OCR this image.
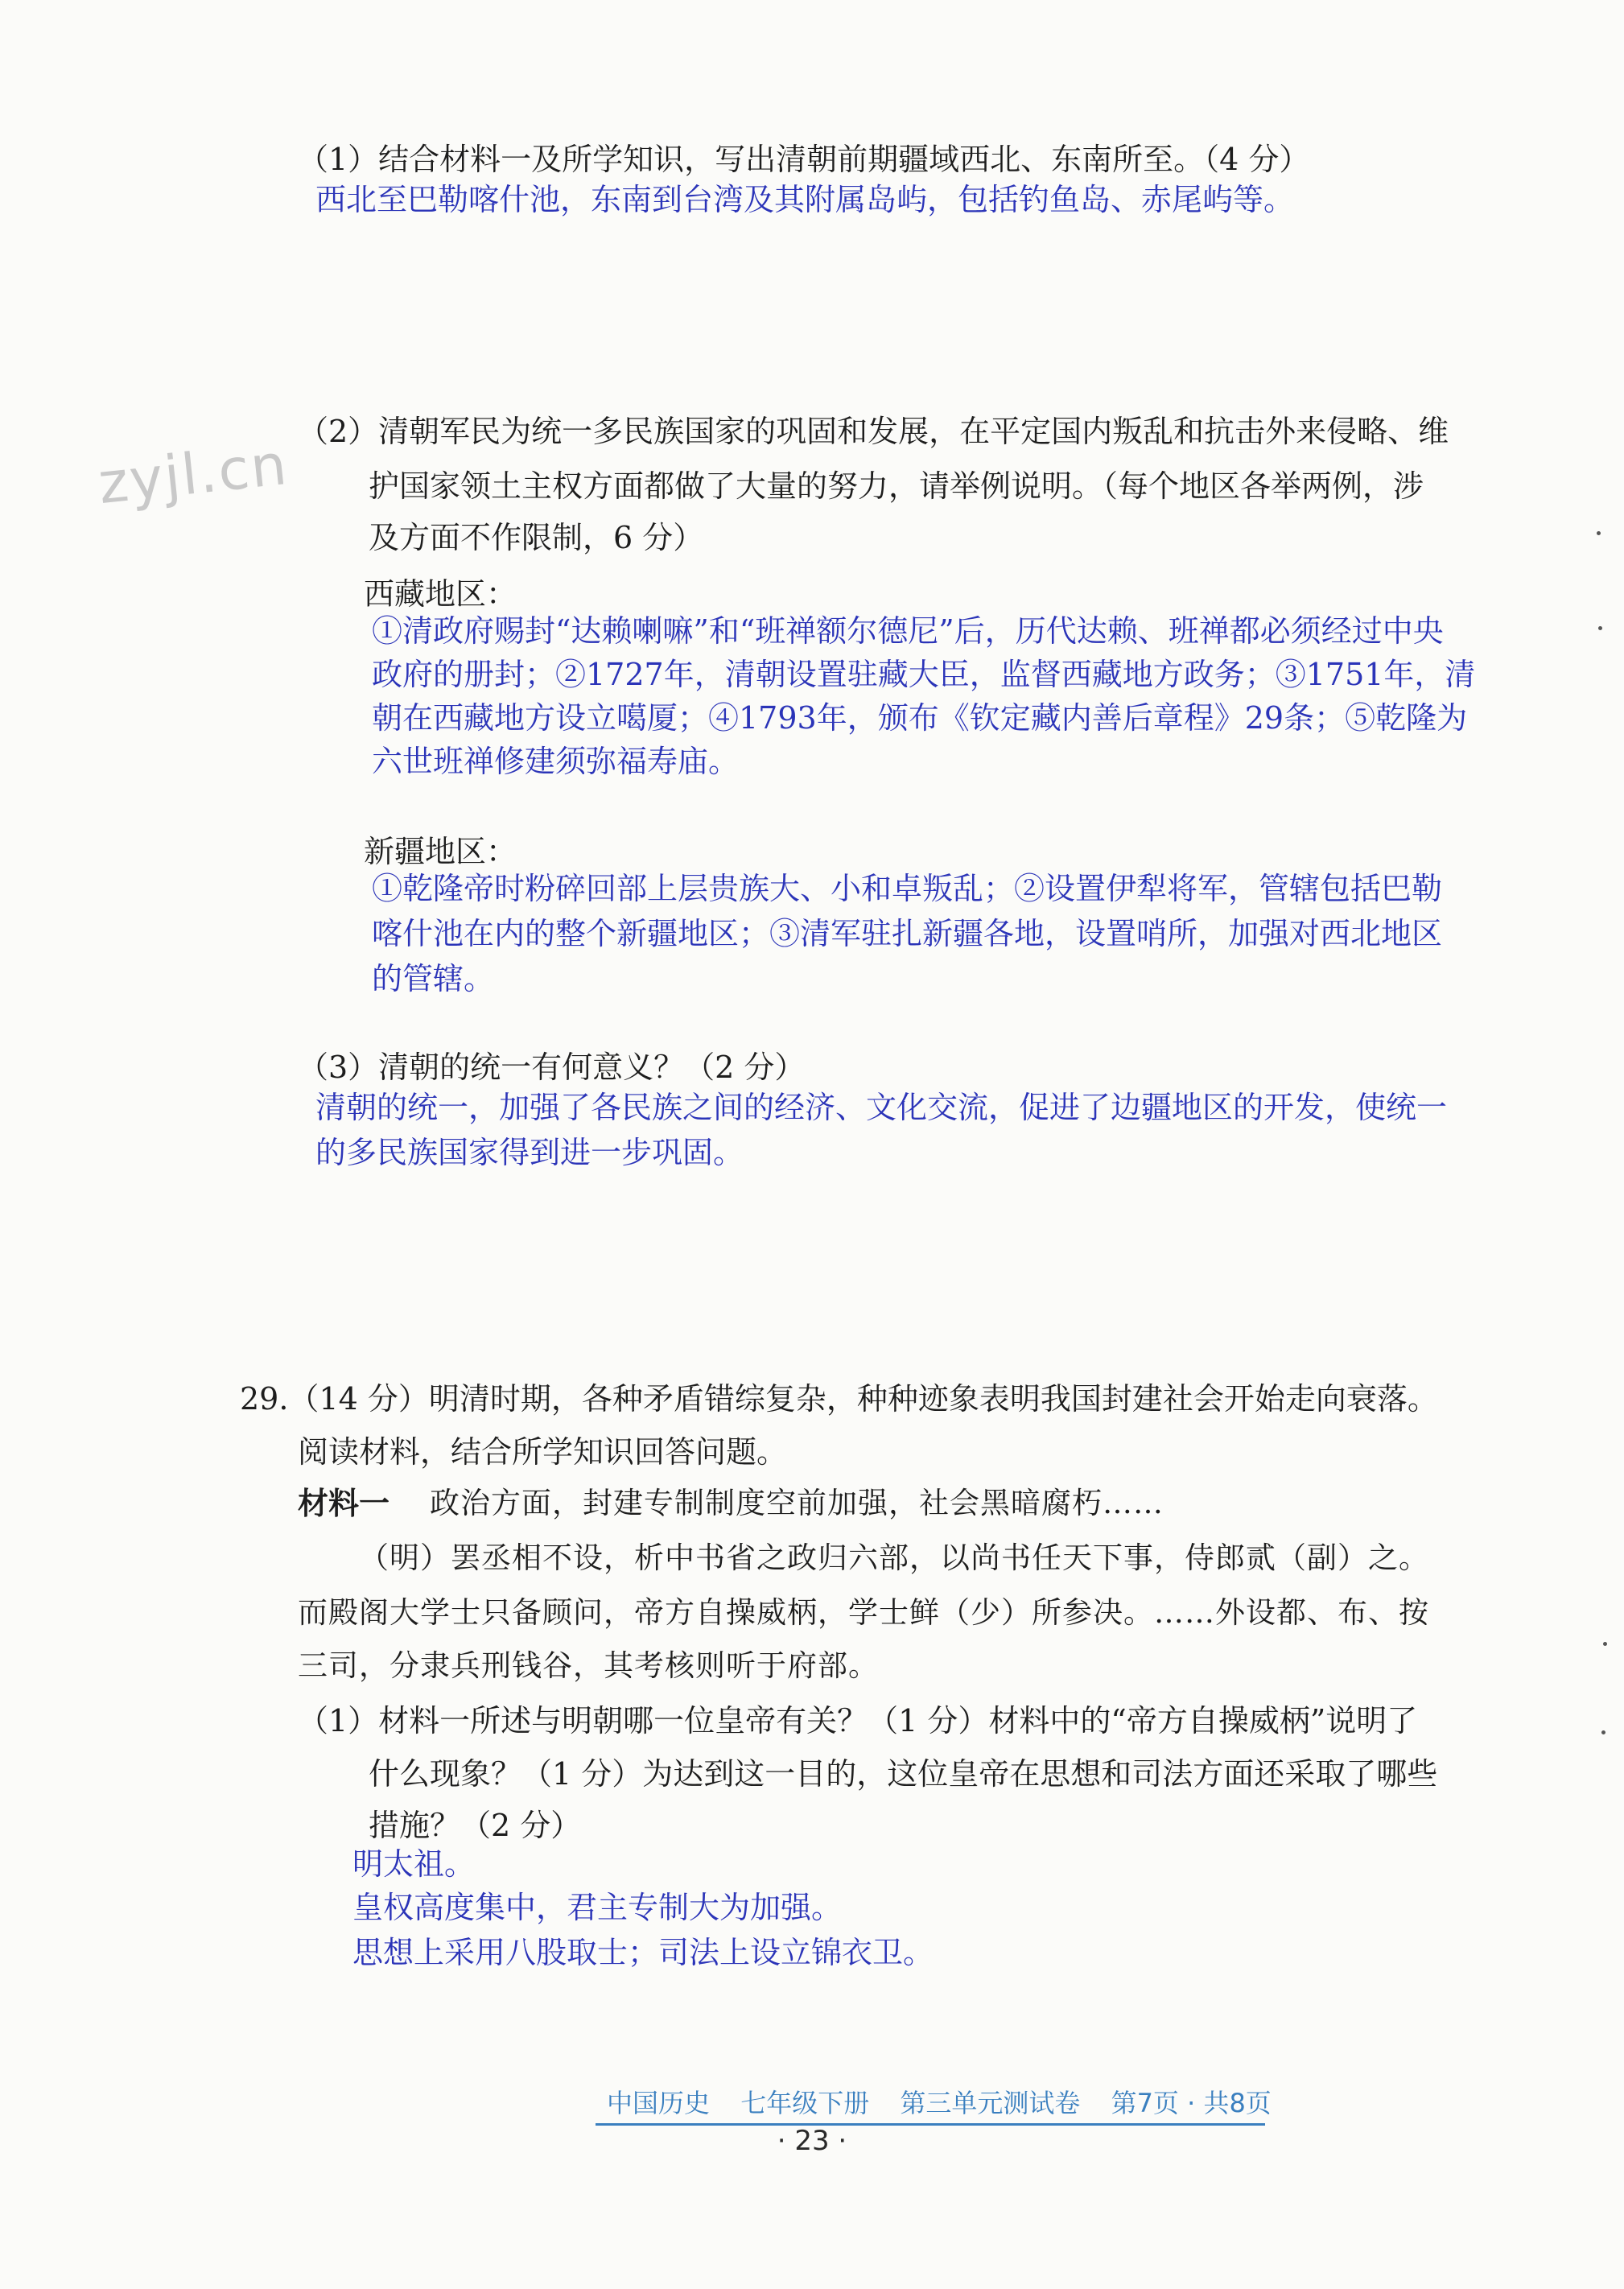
zyjl.cn
（1）结合材料一及所学知识，写出清朝前期疆域西北、东南所至。（4 分）
西北至巴勒喀什池，东南到台湾及其附属岛屿，包括钓鱼岛、赤尾屿等。
（2）清朝军民为统一多民族国家的巩固和发展，在平定国内叛乱和抗击外来侵略、维
护国家领土主权方面都做了大量的努力，请举例说明。（每个地区各举两例，涉
及方面不作限制，6 分）
西藏地区：
①清政府赐封“达赖喇嘛”和“班禅额尔德尼”后，历代达赖、班禅都必须经过中央
政府的册封；②1727年，清朝设置驻藏大臣，监督西藏地方政务；③1751年，清
朝在西藏地方设立噶厦；④1793年，颁布《钦定藏内善后章程》29条；⑤乾隆为
六世班禅修建须弥福寿庙。
新疆地区：
①乾隆帝时粉碎回部上层贵族大、小和卓叛乱；②设置伊犁将军，管辖包括巴勒
喀什池在内的整个新疆地区；③清军驻扎新疆各地，设置哨所，加强对西北地区
的管辖。
（3）清朝的统一有何意义？（2 分）
清朝的统一，加强了各民族之间的经济、文化交流，促进了边疆地区的开发，使统一
的多民族国家得到进一步巩固。
29.（14 分）明清时期，各种矛盾错综复杂，种种迹象表明我国封建社会开始走向衰落。
阅读材料，结合所学知识回答问题。
材料一 政治方面，封建专制制度空前加强，社会黑暗腐朽……
（明）罢丞相不设，析中书省之政归六部，以尚书任天下事，侍郎贰（副）之。
而殿阁大学士只备顾问，帝方自操威柄，学士鲜（少）所参决。……外设都、布、按
三司，分隶兵刑钱谷，其考核则听于府部。
（1）材料一所述与明朝哪一位皇帝有关？（1 分）材料中的“帝方自操威柄”说明了
什么现象？（1 分）为达到这一目的，这位皇帝在思想和司法方面还采取了哪些
措施？（2 分）
明太祖。
皇权高度集中，君主专制大为加强。
思想上采用八股取士；司法上设立锦衣卫。
中国历史 七年级下册 第三单元测试卷 第7页 · 共8页
· 23 ·
